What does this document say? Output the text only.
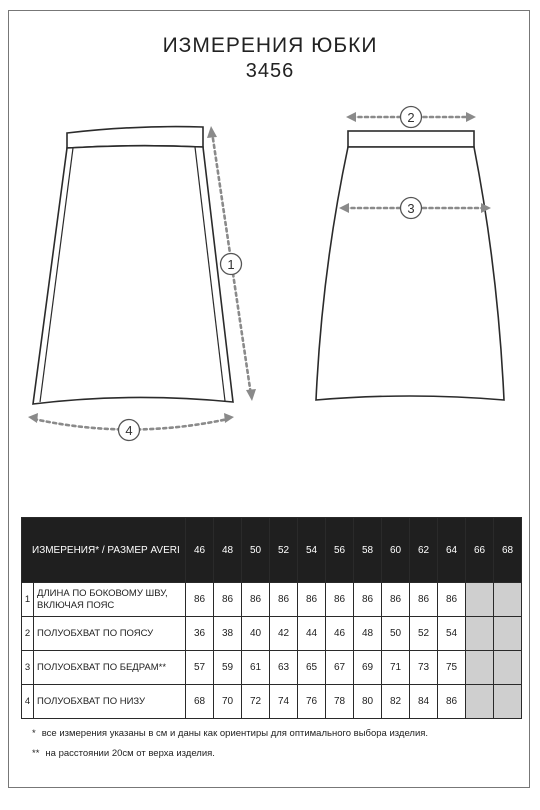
ИЗМЕРЕНИЯ ЮБКИ
3456
1
2
3
4
ИЗМЕРЕНИЯ* / РАЗМЕР AVERI		46	48	50	52	54	56	58	60	62	64	66	68
1	ДЛИНА ПО БОКОВОМУ ШВУ, ВКЛЮЧАЯ ПОЯС	86	86	86	86	86	86	86	86	86	86		
2	ПОЛУОБХВАТ ПО ПОЯСУ	36	38	40	42	44	46	48	50	52	54		
3	ПОЛУОБХВАТ ПО БЕДРАМ**	57	59	61	63	65	67	69	71	73	75		
4	ПОЛУОБХВАТ ПО НИЗУ	68	70	72	74	76	78	80	82	84	86		
* все измерения указаны в см и даны как ориентиры для оптимального выбора изделия.
** на расстоянии 20см от верха изделия.
